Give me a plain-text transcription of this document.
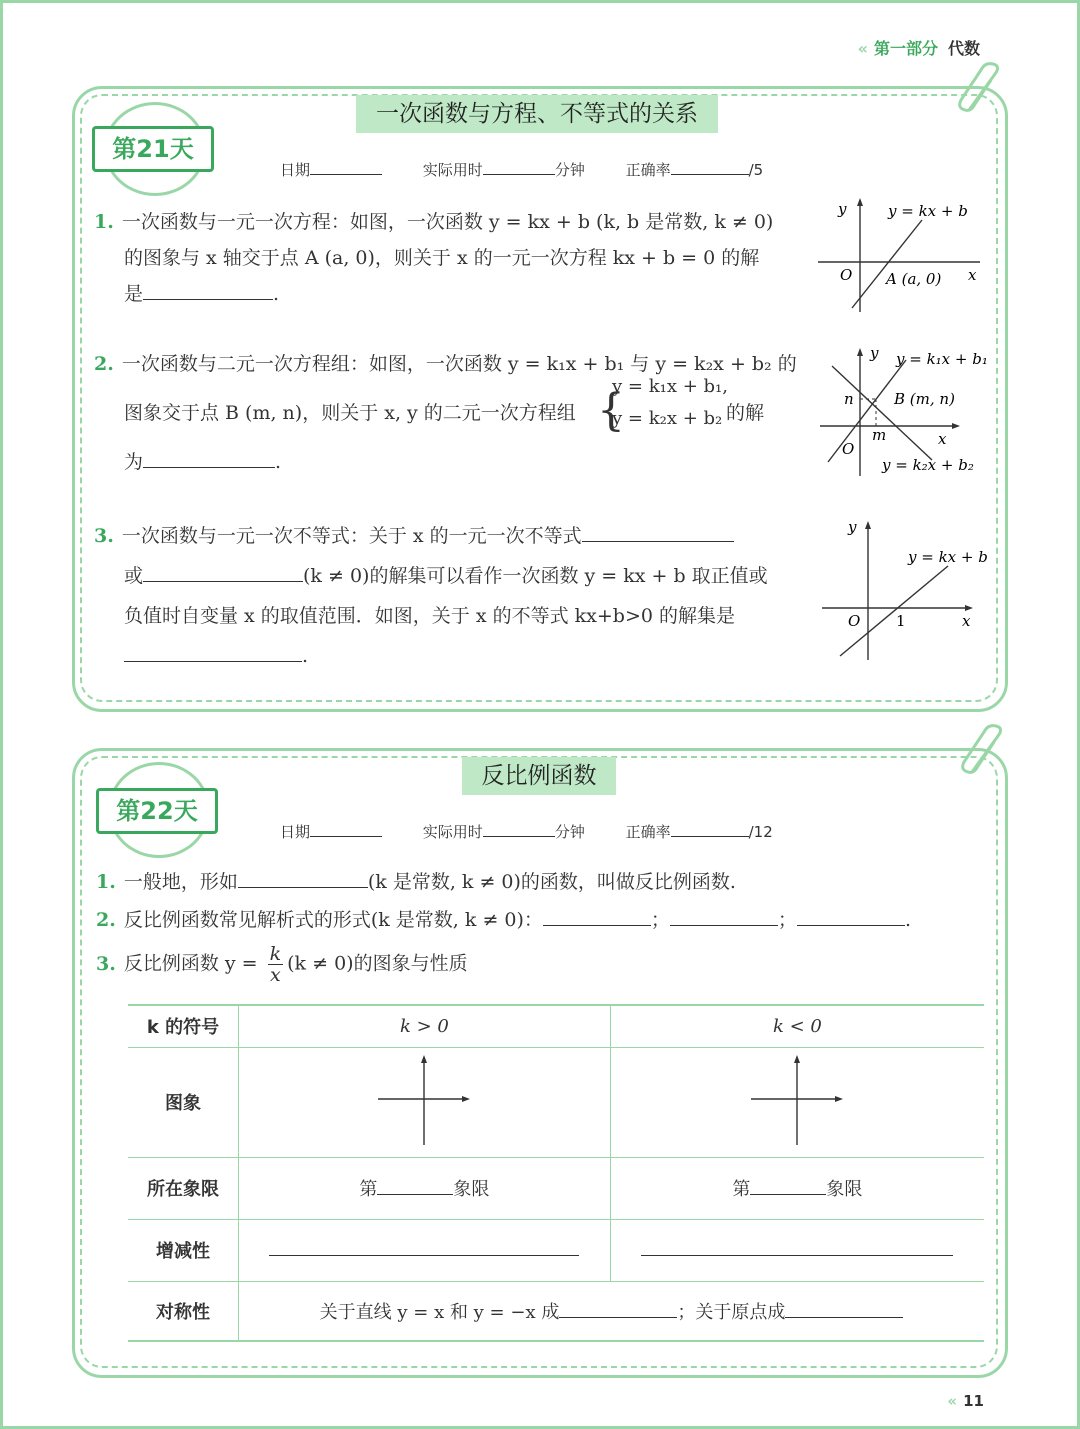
« 第一部分 代数
一次函数与方程、不等式的关系
第21天
日期	实际用时	分钟	正确率	/5
1. 一次函数与一元一次方程：如图，一次函数 y = kx + b (k, b 是常数, k ≠ 0)
的图象与 x 轴交于点 A (a, 0)，则关于 x 的一元一次方程 kx + b = 0 的解
是	.
y	y = kx + b
O A (a, 0) x
2. 一次函数与二元一次方程组：如图，一次函数 y = k₁x + b₁ 与 y = k₂x + b₂ 的
图象交于点 B (m, n)，则关于 x, y 的二元一次方程组 {
y = k₁x + b₁,
y = k₂x + b₂ 的解
为	.
y y = k₁x + b₁
n	B (m, n)
m	x
O
y = k₂x + b₂
3. 一次函数与一元一次不等式：关于 x 的一元一次不等式
或	(k ≠ 0)的解集可以看作一次函数 y = kx + b 取正值或
负值时自变量 x 的取值范围．如图，关于 x 的不等式 kx+b>0 的解集是
.
y
y = kx + b
O 1	x
反比例函数
第22天
日期	实际用时	分钟	正确率	/12
1. 一般地，形如	(k 是常数, k ≠ 0)的函数，叫做反比例函数.
2. 反比例函数常见解析式的形式(k 是常数, k ≠ 0)：	；	；	.
3. 反比例函数 $y = \frac{k}{x} (k \ne 0)$的图象与性质
k 的符号	k > 0	k < 0
图象		
所在象限	第 象限	第 象限
增减性		
对称性	关于直线 y = x 和 y = −x 成 ；关于原点成	
« 11
